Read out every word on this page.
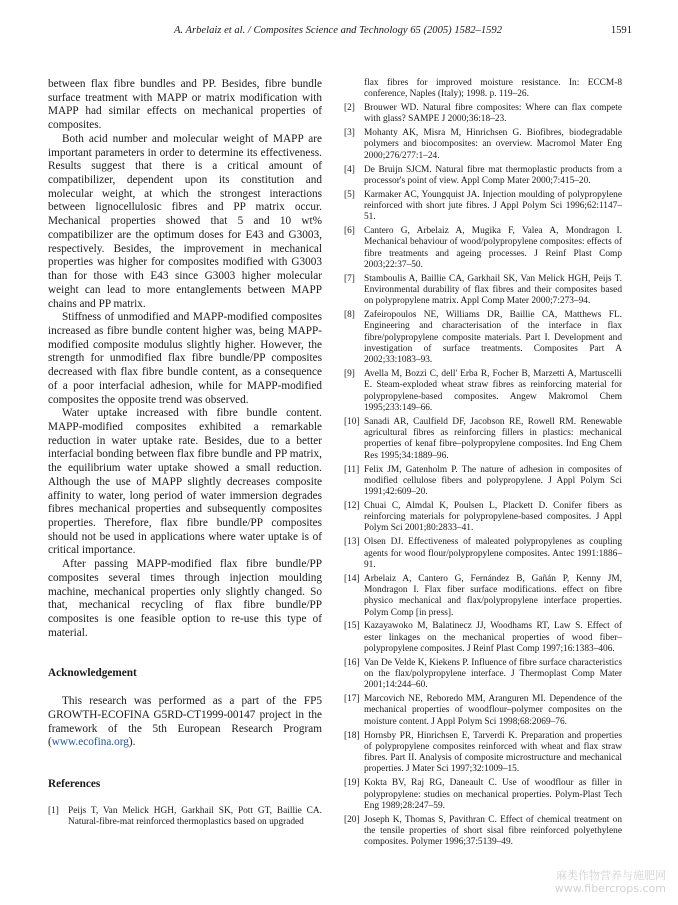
A. Arbelaiz et al. / Composites Science and Technology 65 (2005) 1582–1592	1591

between flax fibre bundles and PP. Besides, fibre bundle surface treatment with MAPP or matrix modification with MAPP had similar effects on mechanical properties of composites.

Both acid number and molecular weight of MAPP are important parameters in order to determine its effectiveness. Results suggest that there is a critical amount of compatibilizer, dependent upon its constitution and molecular weight, at which the strongest interactions between lignocellulosic fibres and PP matrix occur. Mechanical properties showed that 5 and 10 wt% compatibilizer are the optimum doses for E43 and G3003, respectively. Besides, the improvement in mechanical properties was higher for composites modified with G3003 than for those with E43 since G3003 higher molecular weight can lead to more entanglements between MAPP chains and PP matrix.

Stiffness of unmodified and MAPP-modified composites increased as fibre bundle content higher was, being MAPP-modified composite modulus slightly higher. However, the strength for unmodified flax fibre bundle/PP composites decreased with flax fibre bundle content, as a consequence of a poor interfacial adhesion, while for MAPP-modified composites the opposite trend was observed.

Water uptake increased with fibre bundle content. MAPP-modified composites exhibited a remarkable reduction in water uptake rate. Besides, due to a better interfacial bonding between flax fibre bundle and PP matrix, the equilibrium water uptake showed a small reduction. Although the use of MAPP slightly decreases composite affinity to water, long period of water immersion degrades fibres mechanical properties and subsequently composites properties. Therefore, flax fibre bundle/PP composites should not be used in applications where water uptake is of critical importance.

After passing MAPP-modified flax fibre bundle/PP composites several times through injection moulding machine, mechanical properties only slightly changed. So that, mechanical recycling of flax fibre bundle/PP composites is one feasible option to re-use this type of material.

Acknowledgement

This research was performed as a part of the FP5 GROWTH-ECOFINA G5RD-CT1999-00147 project in the framework of the 5th European Research Program (www.ecofina.org).

References

[1] Peijs T, Van Melick HGH, Garkhail SK, Pott GT, Baillie CA. Natural-fibre-mat reinforced thermoplastics based on upgraded
flax fibres for improved moisture resistance. In: ECCM-8 conference, Naples (Italy); 1998. p. 119–26.
[2] Brouwer WD. Natural fibre composites: Where can flax compete with glass? SAMPE J 2000;36:18–23.
[3] Mohanty AK, Misra M, Hinrichsen G. Biofibres, biodegradable polymers and biocomposites: an overview. Macromol Mater Eng 2000;276/277:1–24.
[4] De Bruijn SJCM. Natural fibre mat thermoplastic products from a processor's point of view. Appl Comp Mater 2000;7:415–20.
[5] Karmaker AC, Youngquist JA. Injection moulding of polypropylene reinforced with short jute fibres. J Appl Polym Sci 1996;62:1147–51.
[6] Cantero G, Arbelaiz A, Mugika F, Valea A, Mondragon I. Mechanical behaviour of wood/polypropylene composites: effects of fibre treatments and ageing processes. J Reinf Plast Comp 2003;22:37–50.
[7] Stamboulis A, Baillie CA, Garkhail SK, Van Melick HGH, Peijs T. Environmental durability of flax fibres and their composites based on polypropylene matrix. Appl Comp Mater 2000;7:273–94.
[8] Zafeiropoulos NE, Williams DR, Baillie CA, Matthews FL. Engineering and characterisation of the interface in flax fibre/polypropylene composite materials. Part I. Development and investigation of surface treatments. Composites Part A 2002;33:1083–93.
[9] Avella M, Bozzi C, dell' Erba R, Focher B, Marzetti A, Martuscelli E. Steam-exploded wheat straw fibres as reinforcing material for polypropylene-based composites. Angew Makromol Chem 1995;233:149–66.
[10] Sanadi AR, Caulfield DF, Jacobson RE, Rowell RM. Renewable agricultural fibres as reinforcing fillers in plastics: mechanical properties of kenaf fibre–polypropylene composites. Ind Eng Chem Res 1995;34:1889–96.
[11] Felix JM, Gatenholm P. The nature of adhesion in composites of modified cellulose fibers and polypropylene. J Appl Polym Sci 1991;42:609–20.
[12] Chuai C, Almdal K, Poulsen L, Plackett D. Conifer fibers as reinforcing materials for polypropylene-based composites. J Appl Polym Sci 2001;80:2833–41.
[13] Olsen DJ. Effectiveness of maleated polypropylenes as coupling agents for wood flour/polypropylene composites. Antec 1991:1886–91.
[14] Arbelaiz A, Cantero G, Fernández B, Gañán P, Kenny JM, Mondragon I. Flax fiber surface modifications. effect on fibre physico mechanical and flax/polypropylene interface properties. Polym Comp [in press].
[15] Kazayawoko M, Balatinecz JJ, Woodhams RT, Law S. Effect of ester linkages on the mechanical properties of wood fiber–polypropylene composites. J Reinf Plast Comp 1997;16:1383–406.
[16] Van De Velde K, Kiekens P. Influence of fibre surface characteristics on the flax/polypropylene interface. J Thermoplast Comp Mater 2001;14:244–60.
[17] Marcovich NE, Reboredo MM, Aranguren MI. Dependence of the mechanical properties of woodflour–polymer composites on the moisture content. J Appl Polym Sci 1998;68:2069–76.
[18] Hornsby PR, Hinrichsen E, Tarverdi K. Preparation and properties of polypropylene composites reinforced with wheat and flax straw fibres. Part II. Analysis of composite microstructure and mechanical properties. J Mater Sci 1997;32:1009–15.
[19] Kokta BV, Raj RG, Daneault C. Use of woodflour as filler in polypropylene: studies on mechanical properties. Polym-Plast Tech Eng 1989;28:247–59.
[20] Joseph K, Thomas S, Pavithran C. Effect of chemical treatment on the tensile properties of short sisal fibre reinforced polyethylene composites. Polymer 1996;37:5139–49.
麻类作物营养与施肥网
www.fibercrops.com
